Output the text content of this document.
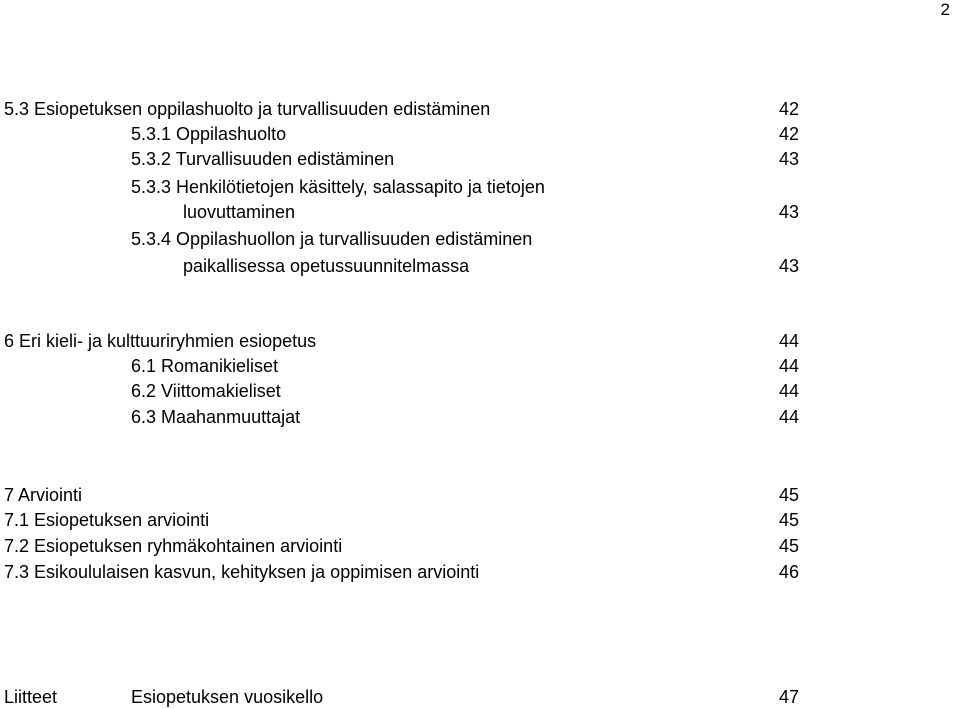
2
5.3 Esiopetuksen oppilashuolto ja turvallisuuden edistäminen	42
5.3.1 Oppilashuolto	42
5.3.2 Turvallisuuden edistäminen	43
5.3.3 Henkilötietojen käsittely, salassapito ja tietojen
luovuttaminen	43
5.3.4 Oppilashuollon ja turvallisuuden edistäminen
paikallisessa opetussuunnitelmassa	43
6 Eri kieli- ja kulttuuriryhmien esiopetus	44
6.1 Romanikieliset	44
6.2 Viittomakieliset	44
6.3 Maahanmuuttajat	44
7 Arviointi	45
7.1 Esiopetuksen arviointi	45
7.2 Esiopetuksen ryhmäkohtainen arviointi	45
7.3 Esikoululaisen kasvun, kehityksen ja oppimisen arviointi	46
Liitteet	Esiopetuksen vuosikello	47
